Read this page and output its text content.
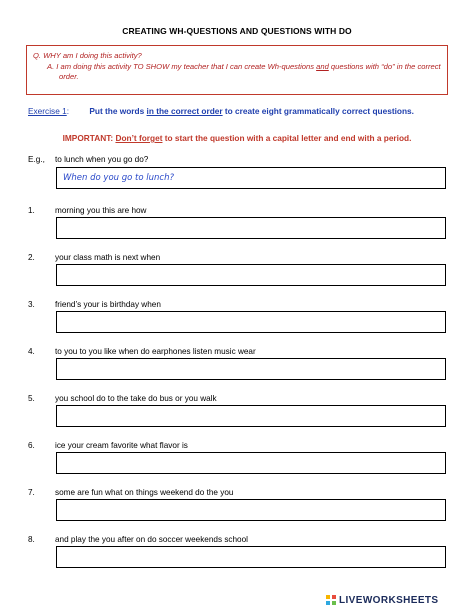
CREATING WH-QUESTIONS AND QUESTIONS WITH DO
Q. WHY am I doing this activity?
A. I am doing this activity TO SHOW my teacher that I can create Wh-questions and questions with “do” in the correct order.
Exercise 1: Put the words in the correct order to create eight grammatically correct questions.
IMPORTANT: Don’t forget to start the question with a capital letter and end with a period.
E.g., to lunch when you go do?
When do you go to lunch?
1. morning you this are how
2. your class math is next when
3. friend’s your is birthday when
4. to you to you like when do earphones listen music wear
5. you school do to the take do bus or you walk
6. ice your cream favorite what flavor is
7. some are fun what on things weekend do the you
8. and play the you after on do soccer weekends school
LIVEWORKSHEETS
